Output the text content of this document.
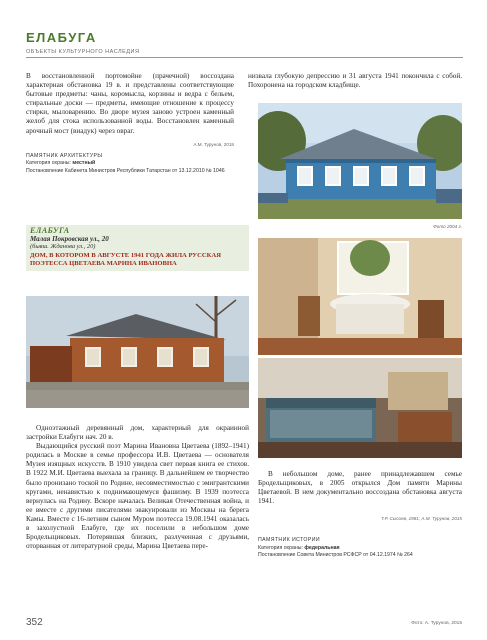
ЕЛАБУГА
ОБЪЕКТЫ КУЛЬТУРНОГО НАСЛЕДИЯ

В восстановленной портомойне (прачечной) воссоздана характерная обстановка 19 в. и представлены соответствующие бытовые предметы: чаны, коромысла, корзины и ведра с бельем, стиральные доски — предметы, имеющие отношение к процессу стирки, мыловарению. Во дворе музея заново устроен каменный желоб для стока использованной воды. Восстановлен каменный арочный мост (виадук) через овраг.

А.М. Турунов, 2018
ПАМЯТНИК АРХИТЕКТУРЫ
Категория охраны: местный
Постановление Кабинета Министров Республики Татарстан от 13.12.2010 № 1046

низвала глубокую депрессию и 31 августа 1941 покончила с собой. Похоронена на городском кладбище.

ЕЛАБУГА
Малая Покровская ул., 20
(бывш. Жданова ул., 20)
ДОМ, В КОТОРОМ В АВГУСТЕ 1941 ГОДА ЖИЛА РУССКАЯ ПОЭТЕССА ЦВЕТАЕВА МАРИНА ИВАНОВНА
Фото 2004 г.

Одноэтажный деревянный дом, характерный для окраинной застройки Елабуги нач. 20 в.

Выдающийся русский поэт Марина Ивановна Цветаева (1892–1941) родилась в Москве в семье профессора И.В. Цветаева — основателя Музея изящных искусств. В 1910 увидела свет первая книга ее стихов. В 1922 М.И. Цветаева выехала за границу. В дальнейшем ее творчество было пронизано тоской по Родине, несовместимостью с эмигрантскими кругами, ненавистью к поднимающемуся фашизму. В 1939 поэтесса вернулась на Родину. Вскоре началась Великая Отечественная война, и ее вместе с другими писателями эвакуировали из Москвы на берега Камы. Вместе с 16-летним сыном Муром поэтесса 19.08.1941 оказалась в захолустной Елабуге, где их поселили в небольшом доме Бродельщиковых. Потерявшая близких, разлученная с друзьями, оторванная от литературной среды, Марина Цветаева пере-

В небольшом доме, ранее принадлежавшем семье Бродельщиковых, в 2005 открылся Дом памяти Марины Цветаевой. В нем документально воссоздана обстановка августа 1941.

Т.Р. Сысоев, 1981; А.М. Турунов, 2015
ПАМЯТНИК ИСТОРИИ
Категория охраны: федеральная
Постановление Совета Министров РСФСР от 04.12.1974 № 264
352	Фото: А. Турунов, 2015
